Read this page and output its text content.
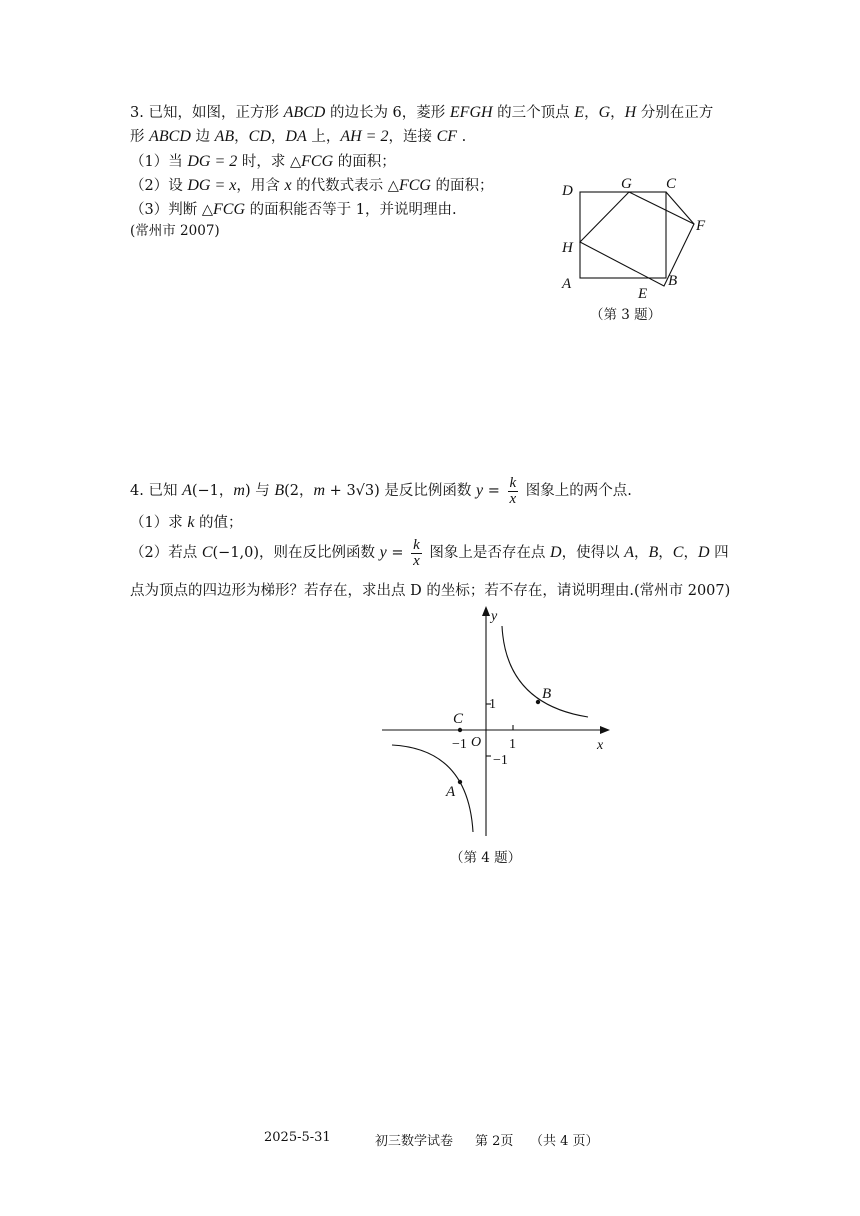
3. 已知，如图，正方形 ABCD 的边长为 6，菱形 EFGH 的三个顶点 E，G，H 分别在正方
形 ABCD 边 AB，CD，DA 上，AH = 2，连接 CF .
（1）当 DG = 2 时，求 △FCG 的面积；
（2）设 DG = x，用含 x 的代数式表示 △FCG 的面积；
（3）判断 △FCG 的面积能否等于 1，并说明理由.
(常州市 2007)
D	G C
F
H
A	B
E
（第 3 题）
4. 已知 A(−1，m) 与 B(2，m + 3√3) 是反比例函数 $y = \frac{k}{x}$ 图象上的两个点.
（1）求 k 的值；
（2）若点 C(−1,0)，则在反比例函数 $y = \frac{k}{x}$ 图象上是否存在点 D，使得以 A，B，C，D 四
点为顶点的四边形为梯形？若存在，求出点 D 的坐标；若不存在，请说明理由.(常州市 2007)
y
x
O 1
−1
1
−1
B
A
C
（第 4 题）
2025-5-31	初三数学试卷 第 2页 （共 4 页）
